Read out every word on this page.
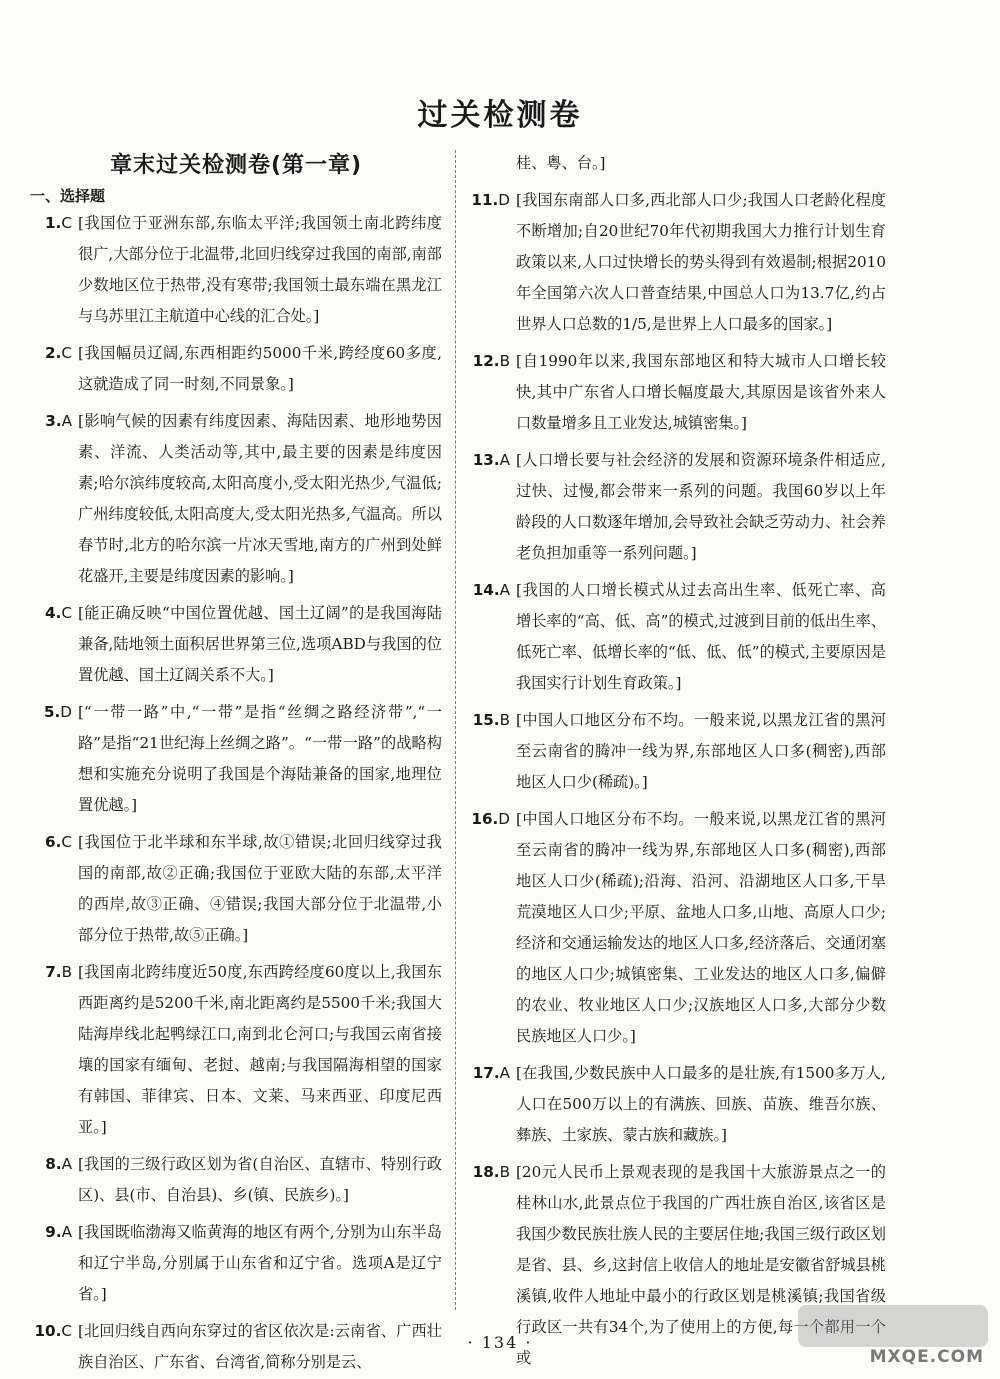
过关检测卷
章末过关检测卷(第一章)
一、选择题
1.C [我国位于亚洲东部,东临太平洋;我国领土南北跨纬度很广,大部分位于北温带,北回归线穿过我国的南部,南部少数地区位于热带,没有寒带;我国领土最东端在黑龙江与乌苏里江主航道中心线的汇合处。]
2.C [我国幅员辽阔,东西相距约5000千米,跨经度60多度,这就造成了同一时刻,不同景象。]
3.A [影响气候的因素有纬度因素、海陆因素、地形地势因素、洋流、人类活动等,其中,最主要的因素是纬度因素;哈尔滨纬度较高,太阳高度小,受太阳光热少,气温低;广州纬度较低,太阳高度大,受太阳光热多,气温高。所以春节时,北方的哈尔滨一片冰天雪地,南方的广州到处鲜花盛开,主要是纬度因素的影响。]
4.C [能正确反映“中国位置优越、国土辽阔”的是我国海陆兼备,陆地领土面积居世界第三位,选项ABD与我国的位置优越、国土辽阔关系不大。]
5.D [“一带一路”中,“一带”是指“丝绸之路经济带”,“一路”是指“21世纪海上丝绸之路”。“一带一路”的战略构想和实施充分说明了我国是个海陆兼备的国家,地理位置优越。]
6.C [我国位于北半球和东半球,故①错误;北回归线穿过我国的南部,故②正确;我国位于亚欧大陆的东部,太平洋的西岸,故③正确、④错误;我国大部分位于北温带,小部分位于热带,故⑤正确。]
7.B [我国南北跨纬度近50度,东西跨经度60度以上,我国东西距离约是5200千米,南北距离约是5500千米;我国大陆海岸线北起鸭绿江口,南到北仑河口;与我国云南省接壤的国家有缅甸、老挝、越南;与我国隔海相望的国家有韩国、菲律宾、日本、文莱、马来西亚、印度尼西亚。]
8.A [我国的三级行政区划为省(自治区、直辖市、特别行政区)、县(市、自治县)、乡(镇、民族乡)。]
9.A [我国既临渤海又临黄海的地区有两个,分别为山东半岛和辽宁半岛,分别属于山东省和辽宁省。选项A是辽宁省。]
10.C [北回归线自西向东穿过的省区依次是:云南省、广西壮族自治区、广东省、台湾省,简称分别是云、

桂、粤、台。]

11.D [我国东南部人口多,西北部人口少;我国人口老龄化程度不断增加;自20世纪70年代初期我国大力推行计划生育政策以来,人口过快增长的势头得到有效遏制;根据2010年全国第六次人口普查结果,中国总人口为13.7亿,约占世界人口总数的1/5,是世界上人口最多的国家。]
12.B [自1990年以来,我国东部地区和特大城市人口增长较快,其中广东省人口增长幅度最大,其原因是该省外来人口数量增多且工业发达,城镇密集。]
13.A [人口增长要与社会经济的发展和资源环境条件相适应,过快、过慢,都会带来一系列的问题。我国60岁以上年龄段的人口数逐年增加,会导致社会缺乏劳动力、社会养老负担加重等一系列问题。]
14.A [我国的人口增长模式从过去高出生率、低死亡率、高增长率的“高、低、高”的模式,过渡到目前的低出生率、低死亡率、低增长率的“低、低、低”的模式,主要原因是我国实行计划生育政策。]
15.B [中国人口地区分布不均。一般来说,以黑龙江省的黑河至云南省的腾冲一线为界,东部地区人口多(稠密),西部地区人口少(稀疏)。]
16.D [中国人口地区分布不均。一般来说,以黑龙江省的黑河至云南省的腾冲一线为界,东部地区人口多(稠密),西部地区人口少(稀疏);沿海、沿河、沿湖地区人口多,干旱荒漠地区人口少;平原、盆地人口多,山地、高原人口少;经济和交通运输发达的地区人口多,经济落后、交通闭塞的地区人口少;城镇密集、工业发达的地区人口多,偏僻的农业、牧业地区人口少;汉族地区人口多,大部分少数民族地区人口少。]
17.A [在我国,少数民族中人口最多的是壮族,有1500多万人,人口在500万以上的有满族、回族、苗族、维吾尔族、彝族、土家族、蒙古族和藏族。]
18.B [20元人民币上景观表现的是我国十大旅游景点之一的桂林山水,此景点位于我国的广西壮族自治区,该省区是我国少数民族壮族人民的主要居住地;我国三级行政区划是省、县、乡,这封信上收信人的地址是安徽省舒城县桃溪镇,收件人地址中最小的行政区划是桃溪镇;我国省级行政区一共有34个,为了使用上的方便,每一个都用一个或
· 134 ·
MXQE.COM
